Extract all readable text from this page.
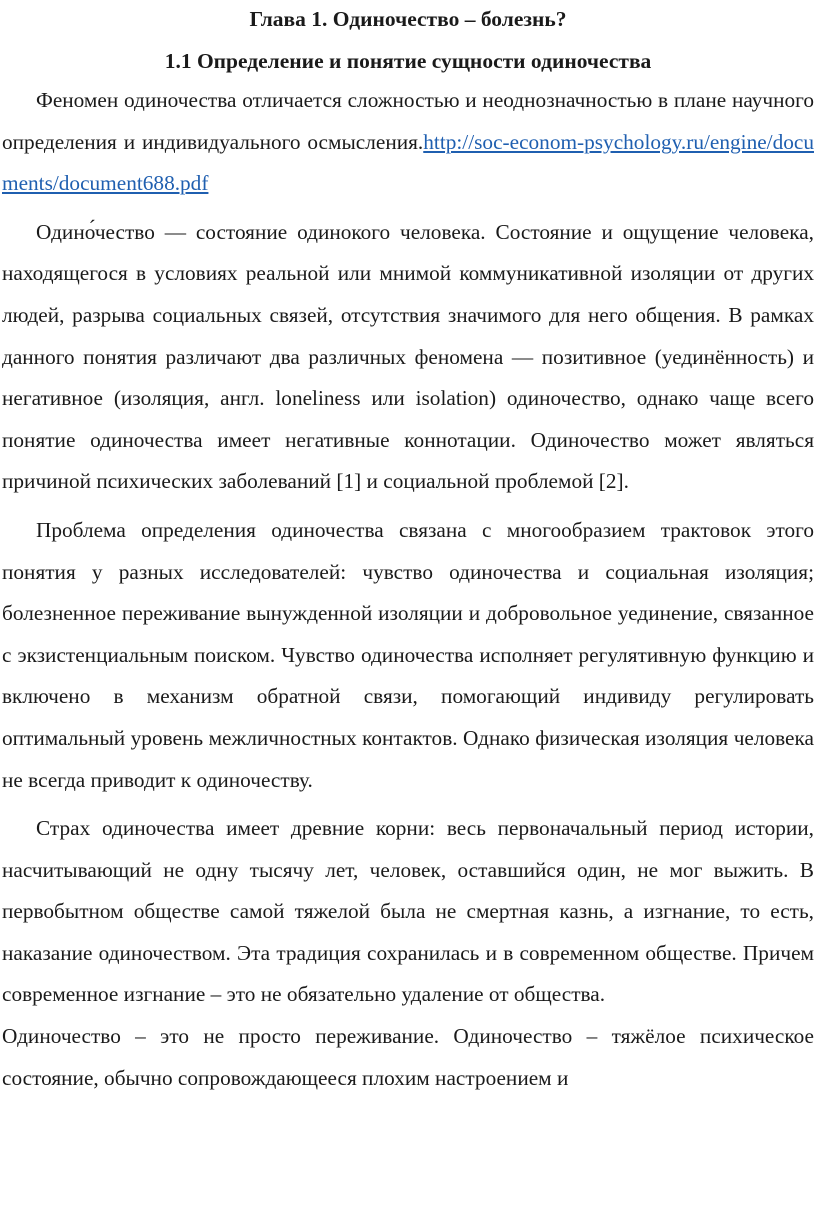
Глава 1. Одиночество – болезнь?
1.1 Определение и понятие сущности одиночества

Феномен одиночества отличается сложностью и неоднозначностью в плане научного определения и индивидуального осмысления.http://soc-econom-psychology.ru/engine/documents/document688.pdf

Одино́чество — состояние одинокого человека. Состояние и ощущение человека, находящегося в условиях реальной или мнимой коммуникативной изоляции от других людей, разрыва социальных связей, отсутствия значимого для него общения. В рамках данного понятия различают два различных феномена — позитивное (уединённость) и негативное (изоляция, англ. loneliness или isolation) одиночество, однако чаще всего понятие одиночества имеет негативные коннотации. Одиночество может являться причиной психических заболеваний [1] и социальной проблемой [2].

Проблема определения одиночества связана с многообразием трактовок этого понятия у разных исследователей: чувство одиночества и социальная изоляция; болезненное переживание вынужденной изоляции и добровольное уединение, связанное с экзистенциальным поиском. Чувство одиночества исполняет регулятивную функцию и включено в механизм обратной связи, помогающий индивиду регулировать оптимальный уровень межличностных контактов. Однако физическая изоляция человека не всегда приводит к одиночеству.

Страх одиночества имеет древние корни: весь первоначальный период истории, насчитывающий не одну тысячу лет, человек, оставшийся один, не мог выжить. В первобытном обществе самой тяжелой была не смертная казнь, а изгнание, то есть, наказание одиночеством. Эта традиция сохранилась и в современном обществе. Причем современное изгнание – это не обязательно удаление от общества.

Одиночество – это не просто переживание. Одиночество – тяжёлое психическое состояние, обычно сопровождающееся плохим настроением и
